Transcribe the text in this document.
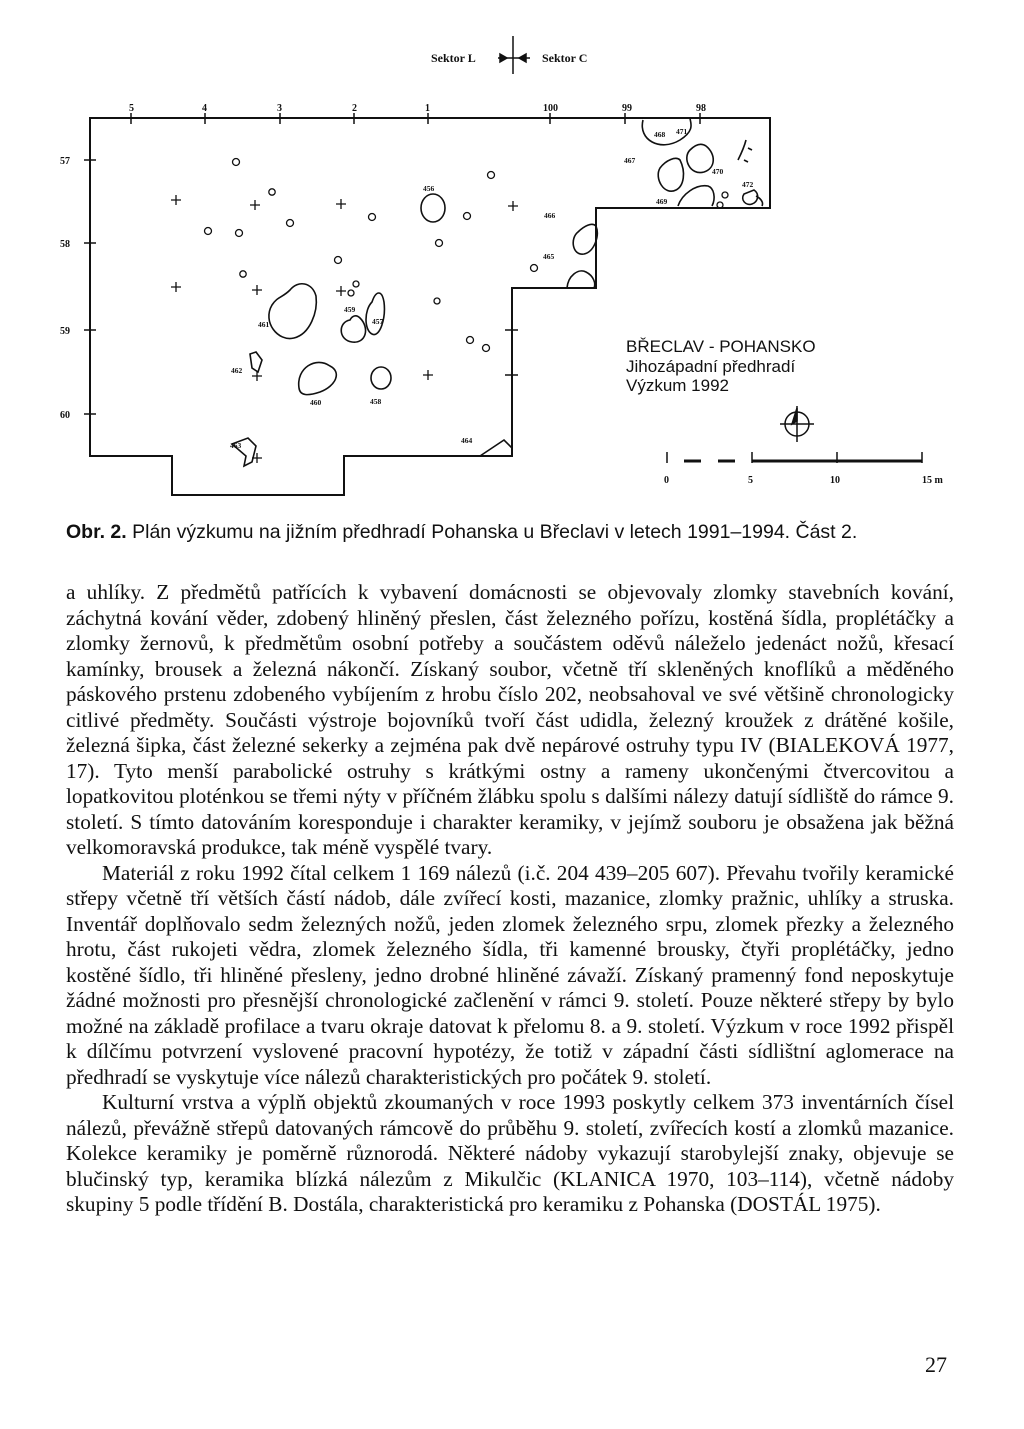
Sektor L	Sektor C
5	4	3	2	1	100	99	98
57
58
59
60
456
461
459
457
462
460	458
463
464
465
466
467
468
469
470
471
472
BŘECLAV - POHANSKO
Jihozápadní předhradí
Výzkum 1992
0	5	10	15 m
Obr. 2. Plán výzkumu na jižním předhradí Pohanska u Břeclavi v letech 1991–1994. Část 2.

a uhlíky. Z předmětů patřících k vybavení domácnosti se objevovaly zlomky stavebních kování, záchytná kování věder, zdobený hliněný přeslen, část železného pořízu, kostěná šídla, proplétáčky a zlomky žernovů, k předmětům osobní potřeby a součástem oděvů náleželo jedenáct nožů, křesací kamínky, brousek a železná nákončí. Získaný soubor, včetně tří skleněných knoflíků a měděného páskového prstenu zdobeného vybíjením z hrobu číslo 202, neobsahoval ve své většině chronologicky citlivé předměty. Součásti výstroje bojovníků tvoří část udidla, železný kroužek z drátěné košile, železná šipka, část železné sekerky a zejména pak dvě nepárové ostruhy typu IV (BIALEKOVÁ 1977, 17). Tyto menší parabolické ostruhy s krátkými ostny a rameny ukončenými čtvercovitou a lopatkovitou ploténkou se třemi nýty v příčném žlábku spolu s dalšími nálezy datují sídliště do rámce 9. století. S tímto datováním koresponduje i charakter keramiky, v jejímž souboru je obsažena jak běžná velkomoravská produkce, tak méně vyspělé tvary.

Materiál z roku 1992 čítal celkem 1 169 nálezů (i.č. 204 439–205 607). Převahu tvořily keramické střepy včetně tří větších částí nádob, dále zvířecí kosti, mazanice, zlomky pražnic, uhlíky a struska. Inventář doplňovalo sedm železných nožů, jeden zlomek železného srpu, zlomek přezky a železného hrotu, část rukojeti vědra, zlomek železného šídla, tři kamenné brousky, čtyři proplétáčky, jedno kostěné šídlo, tři hliněné přesleny, jedno drobné hliněné závaží. Získaný pramenný fond neposkytuje žádné možnosti pro přesnější chronologické začlenění v rámci 9. století. Pouze některé střepy by bylo možné na základě profilace a tvaru okraje datovat k přelomu 8. a 9. století. Výzkum v roce 1992 přispěl k dílčímu potvrzení vyslovené pracovní hypotézy, že totiž v západní části sídlištní aglomerace na předhradí se vyskytuje více nálezů charakteristických pro počátek 9. století.

Kulturní vrstva a výplň objektů zkoumaných v roce 1993 poskytly celkem 373 inventárních čísel nálezů, převážně střepů datovaných rámcově do průběhu 9. století, zvířecích kostí a zlomků mazanice. Kolekce keramiky je poměrně různorodá. Některé nádoby vykazují starobylejší znaky, objevuje se blučinský typ, keramika blízká nálezům z Mikulčic (KLANICA 1970, 103–114), včetně nádoby skupiny 5 podle třídění B. Dostála, charakteristická pro keramiku z Pohanska (DOSTÁL 1975).

27
